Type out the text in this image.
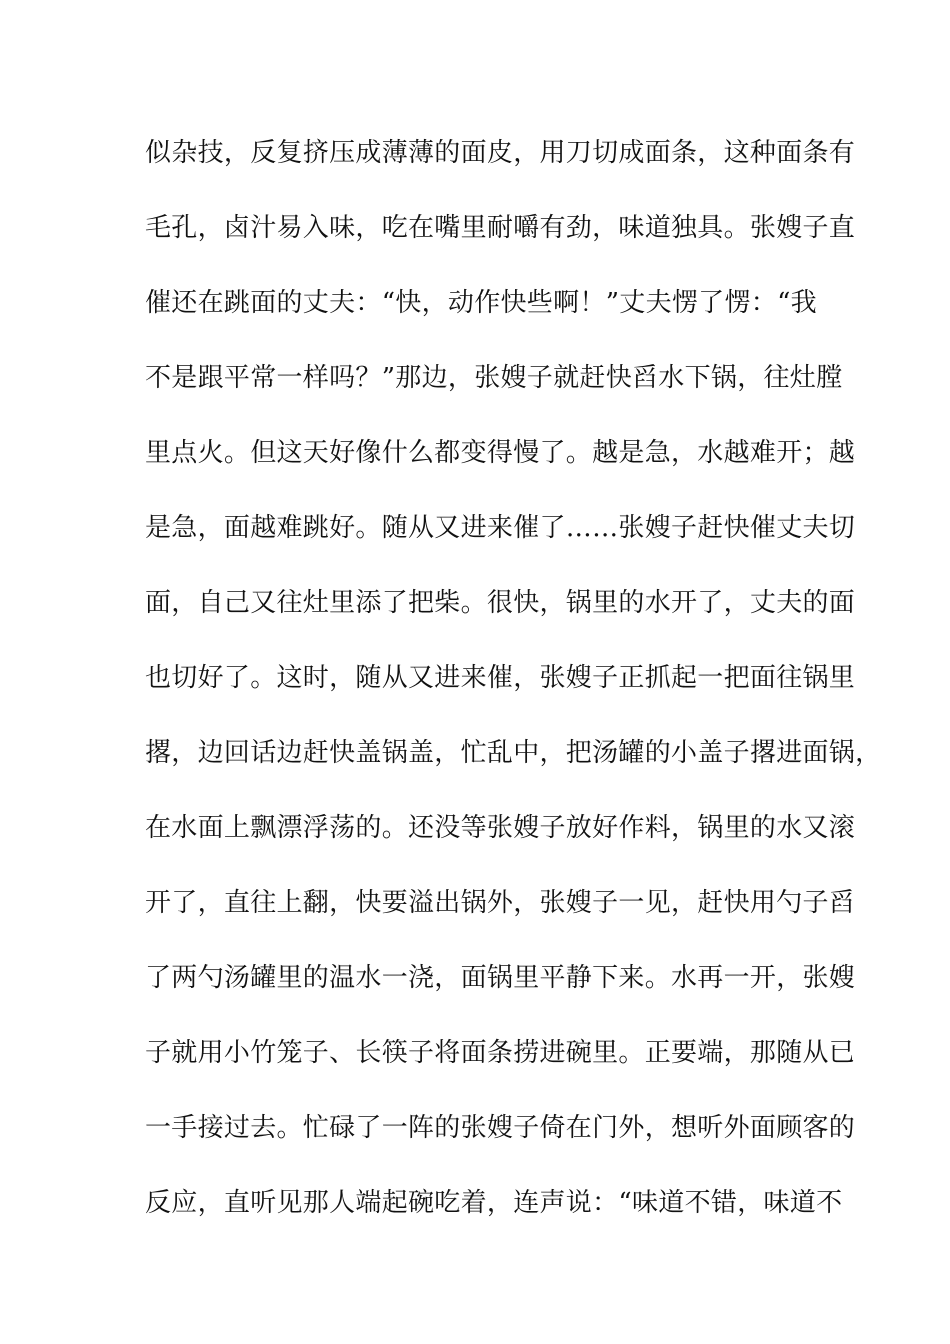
似杂技，反复挤压成薄薄的面皮，用刀切成面条，这种面条有
毛孔，卤汁易入味，吃在嘴里耐嚼有劲，味道独具。张嫂子直
催还在跳面的丈夫：“快，动作快些啊！”丈夫愣了愣：“我
不是跟平常一样吗？”那边，张嫂子就赶快舀水下锅，往灶膛
里点火。但这天好像什么都变得慢了。越是急，水越难开；越
是急，面越难跳好。随从又进来催了……张嫂子赶快催丈夫切
面，自己又往灶里添了把柴。很快，锅里的水开了，丈夫的面
也切好了。这时，随从又进来催，张嫂子正抓起一把面往锅里
撂，边回话边赶快盖锅盖，忙乱中，把汤罐的小盖子撂进面锅，
在水面上飘漂浮荡的。还没等张嫂子放好作料，锅里的水又滚
开了，直往上翻，快要溢出锅外，张嫂子一见，赶快用勺子舀
了两勺汤罐里的温水一浇，面锅里平静下来。水再一开，张嫂
子就用小竹笼子、长筷子将面条捞进碗里。正要端，那随从已
一手接过去。忙碌了一阵的张嫂子倚在门外，想听外面顾客的
反应，直听见那人端起碗吃着，连声说：“味道不错，味道不
